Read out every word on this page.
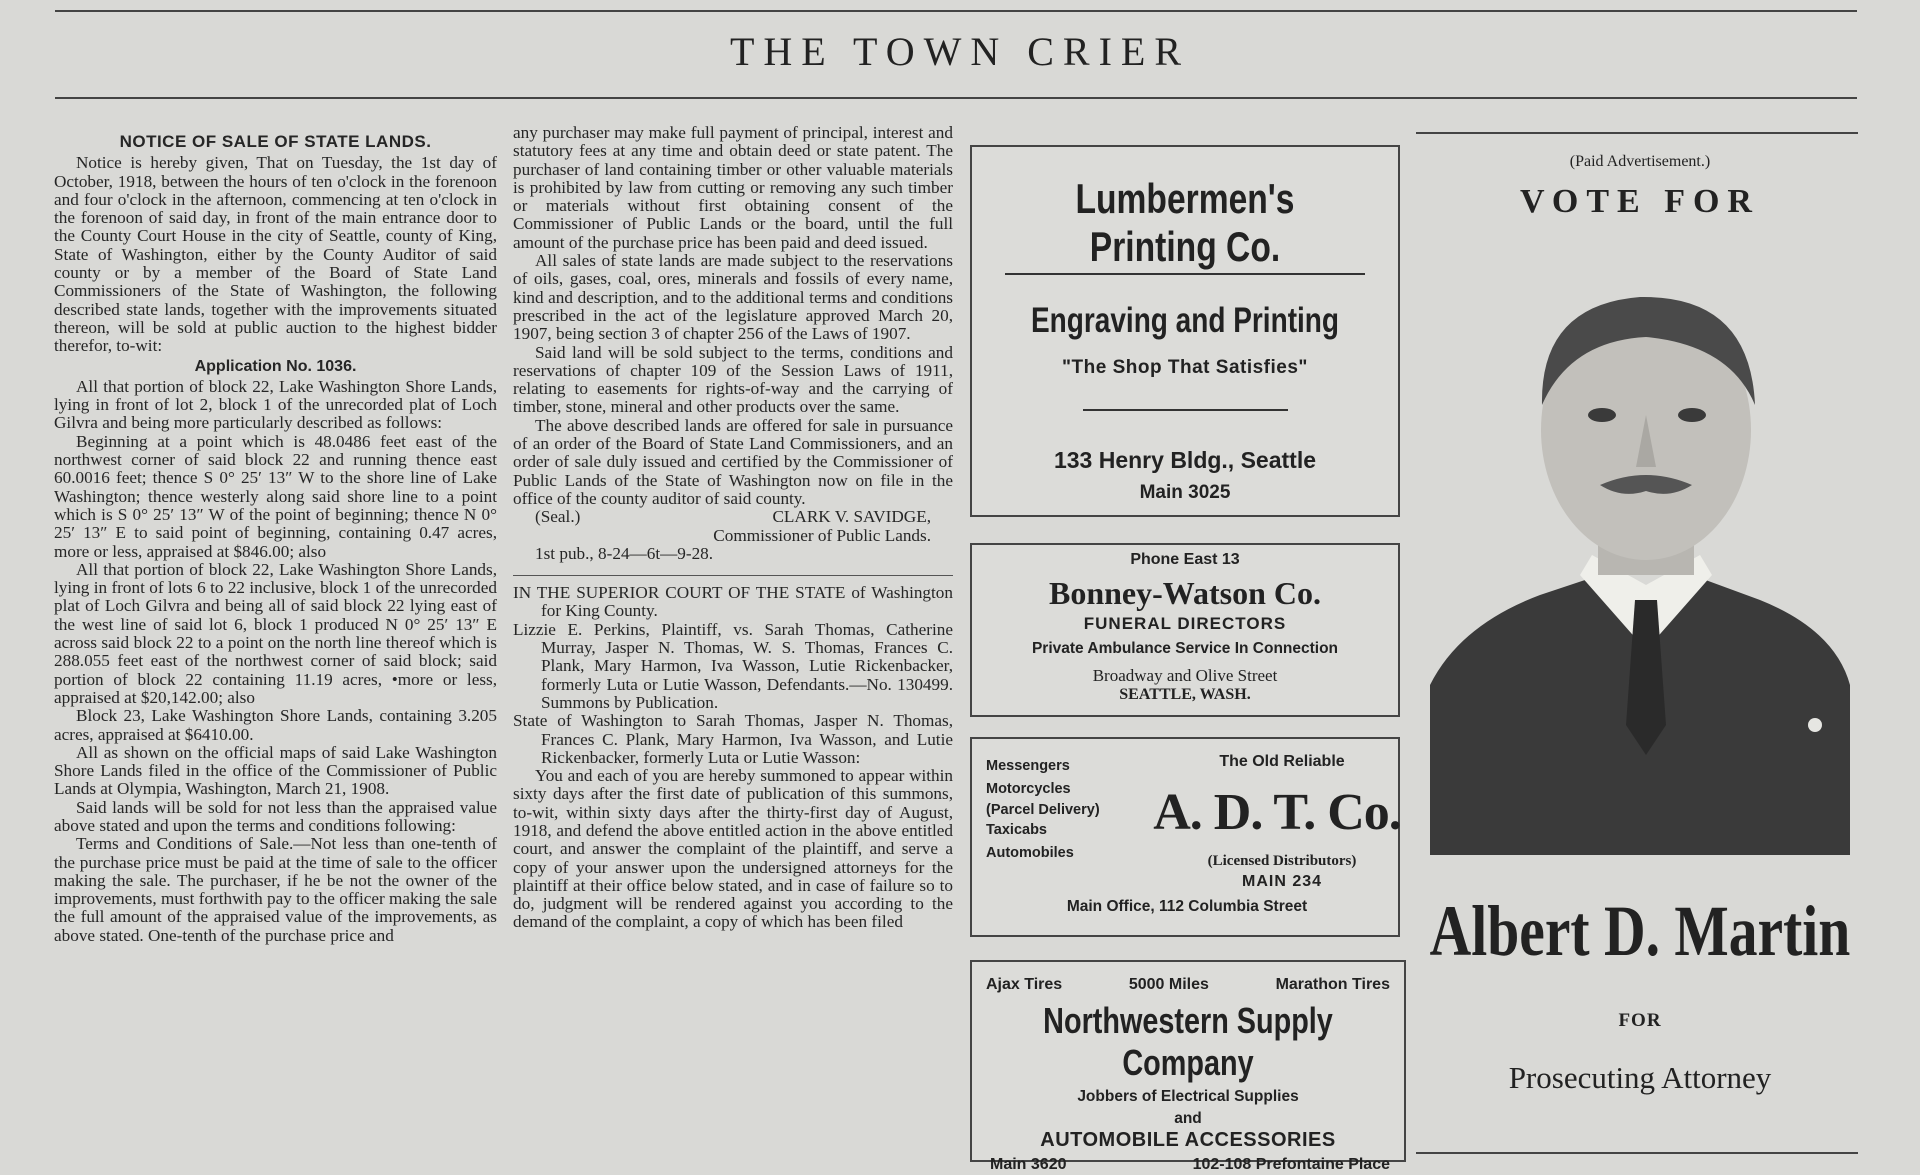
THE TOWN CRIER
NOTICE OF SALE OF STATE LANDS.

Notice is hereby given, That on Tuesday, the 1st day of October, 1918, between the hours of ten o'clock in the forenoon and four o'clock in the afternoon, commencing at ten o'clock in the forenoon of said day, in front of the main entrance door to the County Court House in the city of Seattle, county of King, State of Washington, either by the County Auditor of said county or by a member of the Board of State Land Commissioners of the State of Washington, the following described state lands, together with the improvements situated thereon, will be sold at public auction to the highest bidder therefor, to-wit:

Application No. 1036.

All that portion of block 22, Lake Washington Shore Lands, lying in front of lot 2, block 1 of the unrecorded plat of Loch Gilvra and being more particularly described as follows:

Beginning at a point which is 48.0486 feet east of the northwest corner of said block 22 and running thence east 60.0016 feet; thence S 0° 25′ 13″ W to the shore line of Lake Washington; thence westerly along said shore line to a point which is S 0° 25′ 13″ W of the point of beginning; thence N 0° 25′ 13″ E to said point of beginning, containing 0.47 acres, more or less, appraised at $846.00; also

All that portion of block 22, Lake Washington Shore Lands, lying in front of lots 6 to 22 inclusive, block 1 of the unrecorded plat of Loch Gilvra and being all of said block 22 lying east of the west line of said lot 6, block 1 produced N 0° 25′ 13″ E across said block 22 to a point on the north line thereof which is 288.055 feet east of the northwest corner of said block; said portion of block 22 containing 11.19 acres, •more or less, appraised at $20,142.00; also

Block 23, Lake Washington Shore Lands, containing 3.205 acres, appraised at $6410.00.

All as shown on the official maps of said Lake Washington Shore Lands filed in the office of the Commissioner of Public Lands at Olympia, Washington, March 21, 1908.

Said lands will be sold for not less than the appraised value above stated and upon the terms and conditions following:

Terms and Conditions of Sale.—Not less than one-tenth of the purchase price must be paid at the time of sale to the officer making the sale. The purchaser, if he be not the owner of the improvements, must forthwith pay to the officer making the sale the full amount of the appraised value of the improvements, as above stated. One-tenth of the purchase price and

any purchaser may make full payment of principal, interest and statutory fees at any time and obtain deed or state patent. The purchaser of land containing timber or other valuable materials is prohibited by law from cutting or removing any such timber or materials without first obtaining consent of the Commissioner of Public Lands or the board, until the full amount of the purchase price has been paid and deed issued.

All sales of state lands are made subject to the reservations of oils, gases, coal, ores, minerals and fossils of every name, kind and description, and to the additional terms and conditions prescribed in the act of the legislature approved March 20, 1907, being section 3 of chapter 256 of the Laws of 1907.

Said land will be sold subject to the terms, conditions and reservations of chapter 109 of the Session Laws of 1911, relating to easements for rights-of-way and the carrying of timber, stone, mineral and other products over the same.

The above described lands are offered for sale in pursuance of an order of the Board of State Land Commissioners, and an order of sale duly issued and certified by the Commissioner of Public Lands of the State of Washington now on file in the office of the county auditor of said county.

(Seal.)	CLARK V. SAVIDGE,
Commissioner of Public Lands.

1st pub., 8-24—6t—9-28.

IN THE SUPERIOR COURT OF THE STATE of Washington for King County.

Lizzie E. Perkins, Plaintiff, vs. Sarah Thomas, Catherine Murray, Jasper N. Thomas, W. S. Thomas, Frances C. Plank, Mary Harmon, Iva Wasson, Lutie Rickenbacker, formerly Luta or Lutie Wasson, Defendants.—No. 130499. Summons by Publication.

State of Washington to Sarah Thomas, Jasper N. Thomas, Frances C. Plank, Mary Harmon, Iva Wasson, and Lutie Rickenbacker, formerly Luta or Lutie Wasson:

You and each of you are hereby summoned to appear within sixty days after the first date of publication of this summons, to-wit, within sixty days after the thirty-first day of August, 1918, and defend the above entitled action in the above entitled court, and answer the complaint of the plaintiff, and serve a copy of your answer upon the undersigned attorneys for the plaintiff at their office below stated, and in case of failure so to do, judgment will be rendered against you according to the demand of the complaint, a copy of which has been filed

Lumbermen's Printing Co.
Engraving and Printing
"The Shop That Satisfies"
133 Henry Bldg., Seattle
Main 3025
Phone East 13
Bonney-Watson Co.
FUNERAL DIRECTORS
Private Ambulance Service In Connection
Broadway and Olive Street
SEATTLE, WASH.
Messengers
Motorcycles
(Parcel Delivery)
Taxicabs
Automobiles
The Old Reliable
A. D. T. Co.
(Licensed Distributors)
MAIN 234
Main Office, 112 Columbia Street
Ajax Tires	5000 Miles	Marathon Tires
Northwestern Supply Company
Jobbers of Electrical Supplies
and
AUTOMOBILE ACCESSORIES
Main 3620	102-108 Prefontaine Place
(Paid Advertisement.)
VOTE FOR
Albert D. Martin
FOR
Prosecuting Attorney
